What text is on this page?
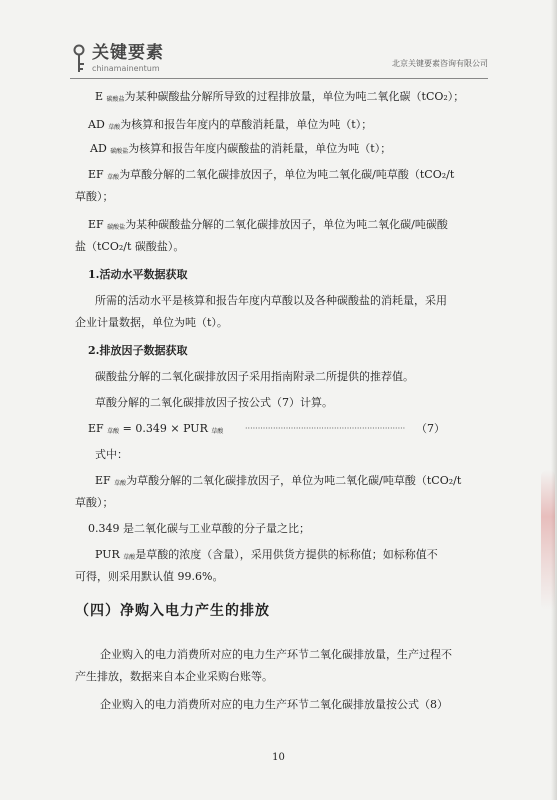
关键要素
chinamainentum
北京关键要素咨询有限公司
E 碳酸盐为某种碳酸盐分解所导致的过程排放量，单位为吨二氧化碳（tCO₂）；
AD 草酸为核算和报告年度内的草酸消耗量，单位为吨（t）；
AD 碳酸盐为核算和报告年度内碳酸盐的消耗量，单位为吨（t）；
EF 草酸为草酸分解的二氧化碳排放因子，单位为吨二氧化碳/吨草酸（tCO₂/t
草酸）；
EF 碳酸盐为某种碳酸盐分解的二氧化碳排放因子，单位为吨二氧化碳/吨碳酸
盐（tCO₂/t 碳酸盐）。
1.活动水平数据获取
所需的活动水平是核算和报告年度内草酸以及各种碳酸盐的消耗量，采用
企业计量数据，单位为吨（t）。
2.排放因子数据获取
碳酸盐分解的二氧化碳排放因子采用指南附录二所提供的推荐值。
草酸分解的二氧化碳排放因子按公式（7）计算。
EF 草酸 = 0.349 × PUR 草酸	······························································· （7）
式中：
EF 草酸为草酸分解的二氧化碳排放因子，单位为吨二氧化碳/吨草酸（tCO₂/t
草酸）；
0.349 是二氧化碳与工业草酸的分子量之比；
PUR 草酸是草酸的浓度（含量），采用供货方提供的标称值；如标称值不
可得，则采用默认值 99.6%。
（四）净购入电力产生的排放
企业购入的电力消费所对应的电力生产环节二氧化碳排放量，生产过程不
产生排放，数据来自本企业采购台账等。
企业购入的电力消费所对应的电力生产环节二氧化碳排放量按公式（8）
10
